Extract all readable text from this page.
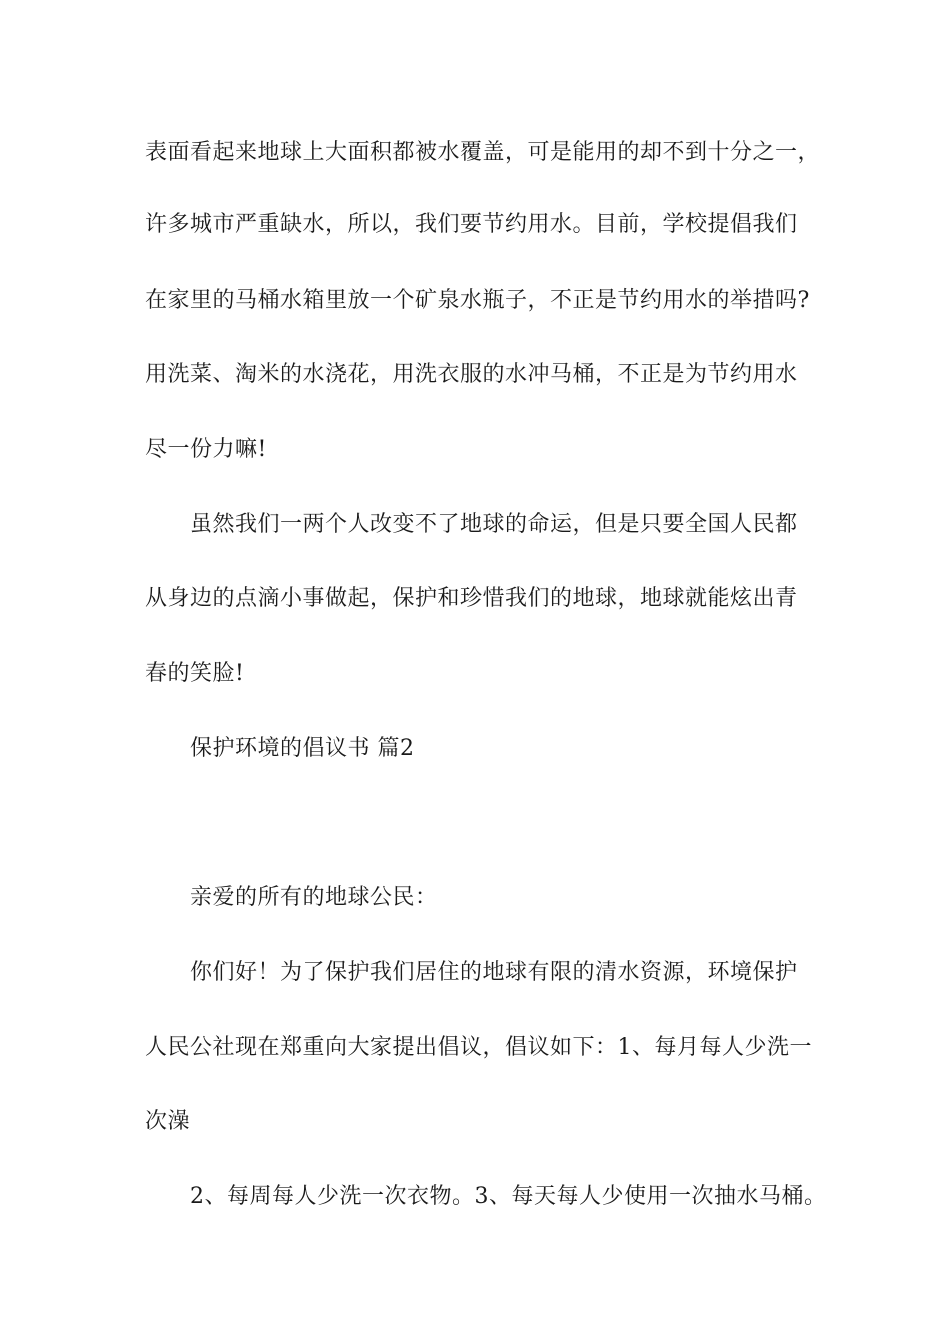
表面看起来地球上大面积都被水覆盖，可是能用的却不到十分之一，
许多城市严重缺水，所以，我们要节约用水。目前，学校提倡我们
在家里的马桶水箱里放一个矿泉水瓶子，不正是节约用水的举措吗?
用洗菜、淘米的水浇花，用洗衣服的水冲马桶，不正是为节约用水
尽一份力嘛!
虽然我们一两个人改变不了地球的命运，但是只要全国人民都
从身边的点滴小事做起，保护和珍惜我们的地球，地球就能炫出青
春的笑脸!
保护环境的倡议书 篇2
亲爱的所有的地球公民：
你们好！为了保护我们居住的地球有限的清水资源，环境保护
人民公社现在郑重向大家提出倡议，倡议如下：1、每月每人少洗一
次澡
2、每周每人少洗一次衣物。3、每天每人少使用一次抽水马桶。
